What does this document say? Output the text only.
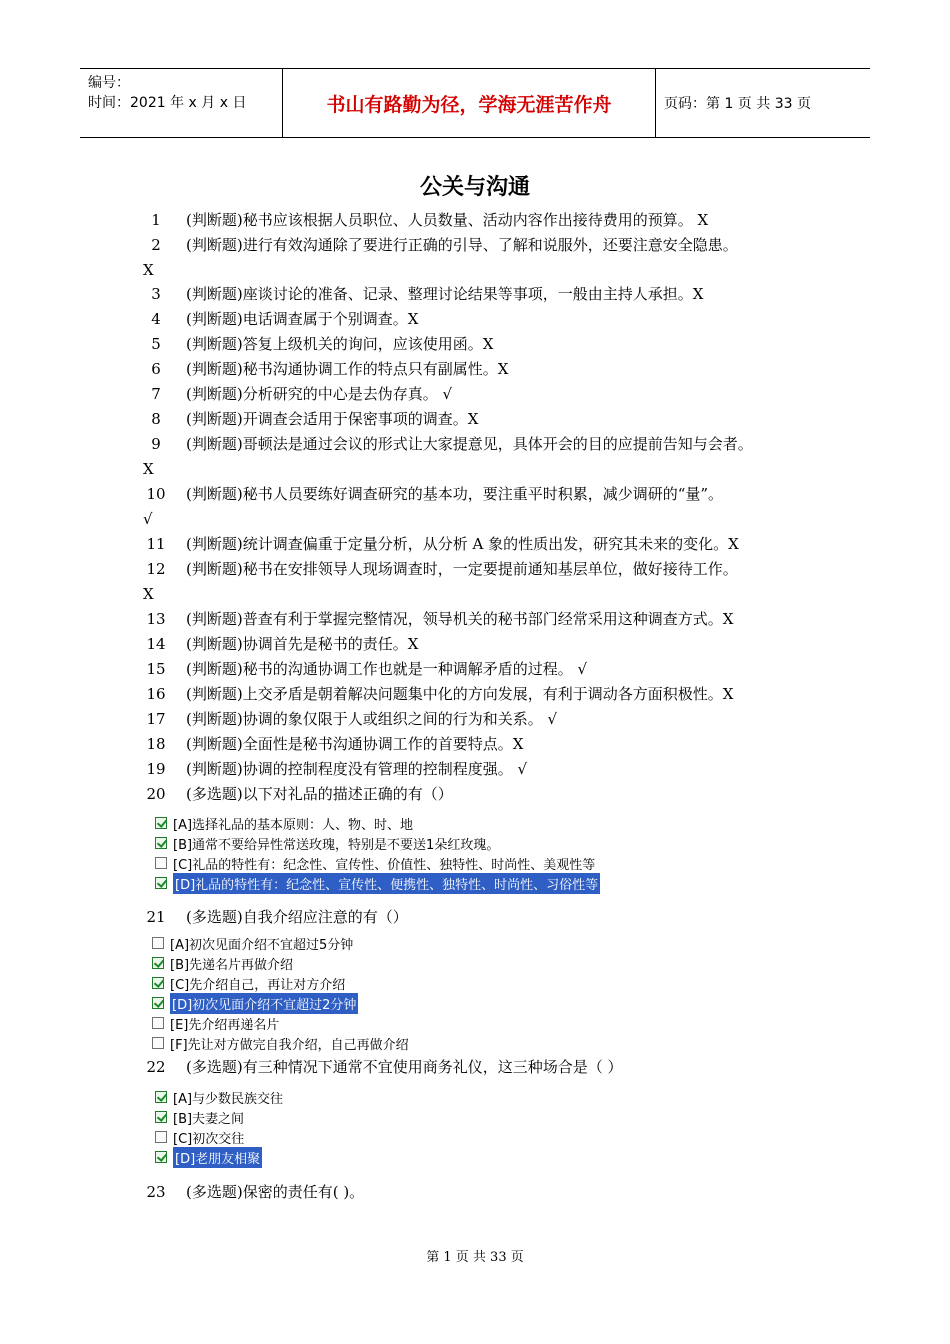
编号：
时间：2021 年 x 月 x 日	书山有路勤为径，学海无涯苦作舟	页码：第 1 页 共 33 页
公关与沟通
1	(判断题)秘书应该根据人员职位、人员数量、活动内容作出接待费用的预算。 X
2	(判断题)进行有效沟通除了要进行正确的引导、了解和说服外，还要注意安全隐患。
X
3	(判断题)座谈讨论的准备、记录、整理讨论结果等事项，一般由主持人承担。X
4	(判断题)电话调查属于个别调查。X
5	(判断题)答复上级机关的询问，应该使用函。X
6	(判断题)秘书沟通协调工作的特点只有副属性。X
7	(判断题)分析研究的中心是去伪存真。 √
8	(判断题)开调查会适用于保密事项的调查。X
9	(判断题)哥顿法是通过会议的形式让大家提意见，具体开会的目的应提前告知与会者。
X
10	(判断题)秘书人员要练好调查研究的基本功，要注重平时积累，减少调研的“量”。
√
11	(判断题)统计调查偏重于定量分析，从分析 A 象的性质出发，研究其未来的变化。X
12	(判断题)秘书在安排领导人现场调查时，一定要提前通知基层单位，做好接待工作。
X
13	(判断题)普查有利于掌握完整情况，领导机关的秘书部门经常采用这种调查方式。X
14	(判断题)协调首先是秘书的责任。X
15	(判断题)秘书的沟通协调工作也就是一种调解矛盾的过程。 √
16	(判断题)上交矛盾是朝着解决问题集中化的方向发展，有利于调动各方面积极性。X
17	(判断题)协调的象仅限于人或组织之间的行为和关系。 √
18	(判断题)全面性是秘书沟通协调工作的首要特点。X
19	(判断题)协调的控制程度没有管理的控制程度强。 √
20	(多选题)以下对礼品的描述正确的有（）
21	(多选题)自我介绍应注意的有（）
22	(多选题)有三种情况下通常不宜使用商务礼仪，这三种场合是（ ）
23	(多选题)保密的责任有( )。
[A]选择礼品的基本原则：人、物、时、地
[B]通常不要给异性常送玫瑰，特别是不要送1朵红玫瑰。
[C]礼品的特性有：纪念性、宣传性、价值性、独特性、时尚性、美观性等
[D]礼品的特性有：纪念性、宣传性、便携性、独特性、时尚性、习俗性等
[A]初次见面介绍不宜超过5分钟
[B]先递名片再做介绍
[C]先介绍自己，再让对方介绍
[D]初次见面介绍不宜超过2分钟
[E]先介绍再递名片
[F]先让对方做完自我介绍，自己再做介绍
[A]与少数民族交往
[B]夫妻之间
[C]初次交往
[D]老朋友相聚
第 1 页 共 33 页
